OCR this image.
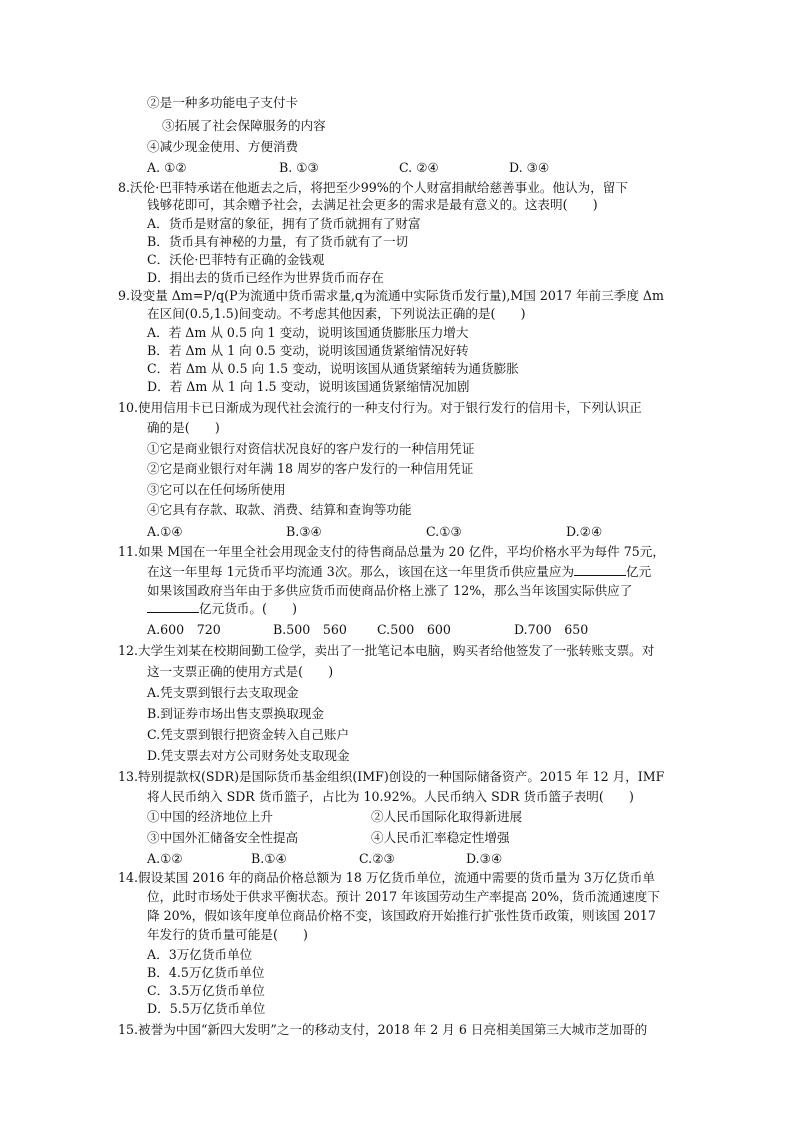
②是一种多功能电子支付卡
③拓展了社会保障服务的内容
④减少现金使用、方便消费
A. ①②	B. ①③	C. ②④	D. ③④
8.沃伦·巴菲特承诺在他逝去之后，将把至少99%的个人财富捐献给慈善事业。他认为，留下
钱够花即可，其余赠予社会，去满足社会更多的需求是最有意义的。这表明(　　)
A．货币是财富的象征，拥有了货币就拥有了财富
B．货币具有神秘的力量，有了货币就有了一切
C．沃伦·巴菲特有正确的金钱观
D．捐出去的货币已经作为世界货币而存在
9.设变量 Δm=P/q(P为流通中货币需求量,q为流通中实际货币发行量),M国 2017 年前三季度 Δm
在区间(0.5,1.5)间变动。不考虑其他因素，下列说法正确的是(　　)
A．若 Δm 从 0.5 向 1 变动，说明该国通货膨胀压力增大
B．若 Δm 从 1 向 0.5 变动，说明该国通货紧缩情况好转
C．若 Δm 从 0.5 向 1.5 变动，说明该国从通货紧缩转为通货膨胀
D．若 Δm 从 1 向 1.5 变动，说明该国通货紧缩情况加剧
10.使用信用卡已日渐成为现代社会流行的一种支付行为。对于银行发行的信用卡，下列认识正
确的是(　　)
①它是商业银行对资信状况良好的客户发行的一种信用凭证
②它是商业银行对年满 18 周岁的客户发行的一种信用凭证
③它可以在任何场所使用
④它具有存款、取款、消费、结算和查询等功能
A.①④	B.③④	C.①③	D.②④
11.如果 M国在一年里全社会用现金支付的待售商品总量为 20 亿件，平均价格水平为每件 75元，
在这一年里每 1元货币平均流通 3次。那么，该国在这一年里货币供应量应为	亿元
如果该国政府当年由于多供应货币而使商品价格上涨了 12%，那么当年该国实际供应了
亿元货币。(　　)
A.600　720	B.500　560 C.500　600	D.700　650
12.大学生刘某在校期间勤工俭学，卖出了一批笔记本电脑，购买者给他签发了一张转账支票。对
这一支票正确的使用方式是(　　)
A.凭支票到银行去支取现金
B.到证券市场出售支票换取现金
C.凭支票到银行把资金转入自己账户
D.凭支票去对方公司财务处支取现金
13.特别提款权(SDR)是国际货币基金组织(IMF)创设的一种国际储备资产。2015 年 12 月，IMF
将人民币纳入 SDR 货币篮子，占比为 10.92%。人民币纳入 SDR 货币篮子表明(　　)
①中国的经济地位上升	②人民币国际化取得新进展
③中国外汇储备安全性提高	④人民币汇率稳定性增强
A.①②	B.①④	C.②③	D.③④
14.假设某国 2016 年的商品价格总额为 18 万亿货币单位，流通中需要的货币量为 3万亿货币单
位，此时市场处于供求平衡状态。预计 2017 年该国劳动生产率提高 20%，货币流通速度下
降 20%，假如该年度单位商品价格不变，该国政府开始推行扩张性货币政策，则该国 2017
年发行的货币量可能是(　　)
A．3万亿货币单位
B．4.5万亿货币单位
C．3.5万亿货币单位
D．5.5万亿货币单位
15.被誉为中国“新四大发明”之一的移动支付，2018 年 2 月 6 日亮相美国第三大城市芝加哥的
